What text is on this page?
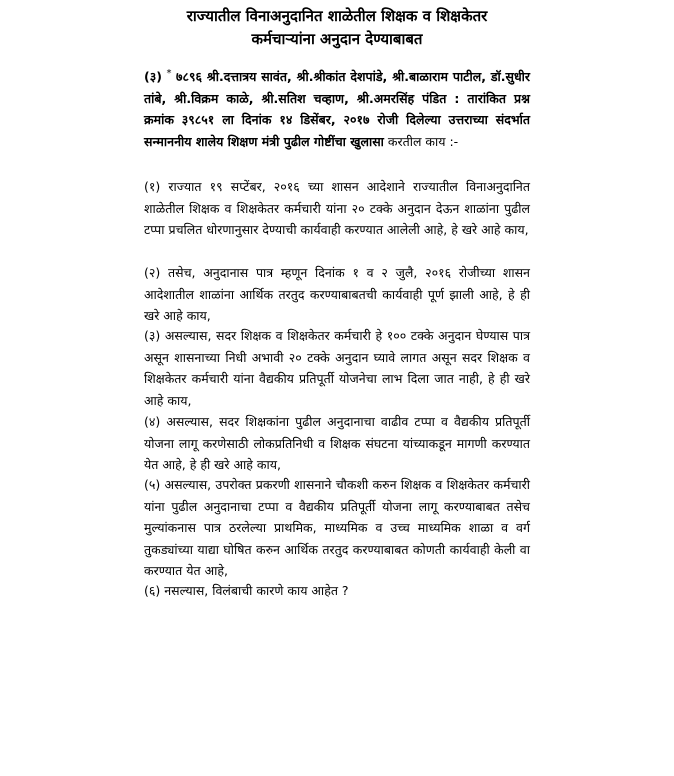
राज्यातील विनाअनुदानित शाळेतील शिक्षक व शिक्षकेतर
कर्मचाऱ्यांना अनुदान देण्याबाबत
(३) * ७८९६ श्री.दत्तात्रय सावंत, श्री.श्रीकांत देशपांडे, श्री.बाळाराम पाटील, डॉ.सुधीर तांबे, श्री.विक्रम काळे, श्री.सतिश चव्हाण, श्री.अमरसिंह पंडित : तारांकित प्रश्न क्रमांक ३९८५१ ला दिनांक १४ डिसेंबर, २०१७ रोजी दिलेल्या उत्तराच्या संदर्भात सन्माननीय शालेय शिक्षण मंत्री पुढील गोष्टींचा खुलासा करतील काय :-
(१) राज्यात १९ सप्टेंबर, २०१६ च्या शासन आदेशाने राज्यातील विनाअनुदानित शाळेतील शिक्षक व शिक्षकेतर कर्मचारी यांना २० टक्के अनुदान देऊन शाळांना पुढील टप्पा प्रचलित धोरणानुसार देण्याची कार्यवाही करण्यात आलेली आहे, हे खरे आहे काय,
(२) तसेच, अनुदानास पात्र म्हणून दिनांक १ व २ जुलै, २०१६ रोजीच्या शासन आदेशातील शाळांना आर्थिक तरतुद करण्याबाबतची कार्यवाही पूर्ण झाली आहे, हे ही खरे आहे काय,
(३) असल्यास, सदर शिक्षक व शिक्षकेतर कर्मचारी हे १०० टक्के अनुदान घेण्यास पात्र असून शासनाच्या निधी अभावी २० टक्के अनुदान घ्यावे लागत असून सदर शिक्षक व शिक्षकेतर कर्मचारी यांना वैद्यकीय प्रतिपूर्ती योजनेचा लाभ दिला जात नाही, हे ही खरे आहे काय,
(४) असल्यास, सदर शिक्षकांना पुढील अनुदानाचा वाढीव टप्पा व वैद्यकीय प्रतिपूर्ती योजना लागू करणेसाठी लोकप्रतिनिधी व शिक्षक संघटना यांच्याकडून मागणी करण्यात येत आहे, हे ही खरे आहे काय,
(५) असल्यास, उपरोक्त प्रकरणी शासनाने चौकशी करुन शिक्षक व शिक्षकेतर कर्मचारी यांना पुढील अनुदानाचा टप्पा व वैद्यकीय प्रतिपूर्ती योजना लागू करण्याबाबत तसेच मुल्यांकनास पात्र ठरलेल्या प्राथमिक, माध्यमिक व उच्च माध्यमिक शाळा व वर्ग तुकड्यांच्या याद्या घोषित करुन आर्थिक तरतुद करण्याबाबत कोणती कार्यवाही केली वा करण्यात येत आहे,
(६) नसल्यास, विलंबाची कारणे काय आहेत ?
